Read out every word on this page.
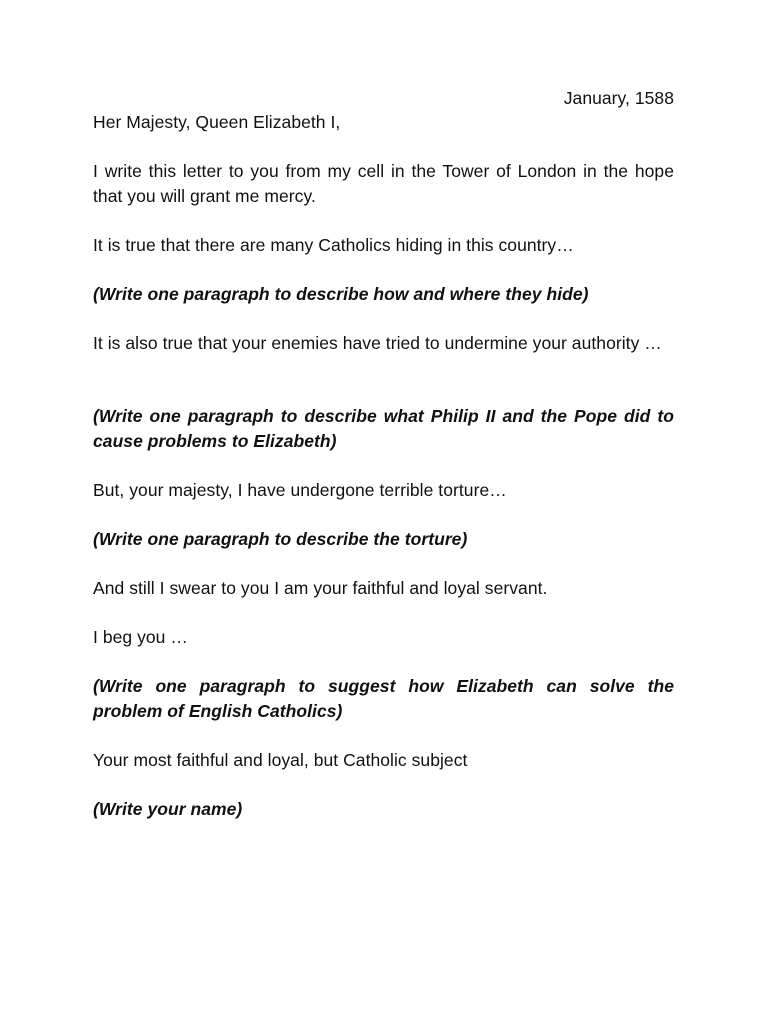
January, 1588

Her Majesty, Queen Elizabeth I,

I write this letter to you from my cell in the Tower of London in the hope that you will grant me mercy.

It is true that there are many Catholics hiding in this country…

(Write one paragraph to describe how and where they hide)

It is also true that your enemies have tried to undermine your authority …

(Write one paragraph to describe what Philip II and the Pope did to cause problems to Elizabeth)

But, your majesty, I have undergone terrible torture…

(Write one paragraph to describe the torture)

And still I swear to you I am your faithful and loyal servant.

I beg you …

(Write one paragraph to suggest how Elizabeth can solve the problem of English Catholics)

Your most faithful and loyal, but Catholic subject

(Write your name)
